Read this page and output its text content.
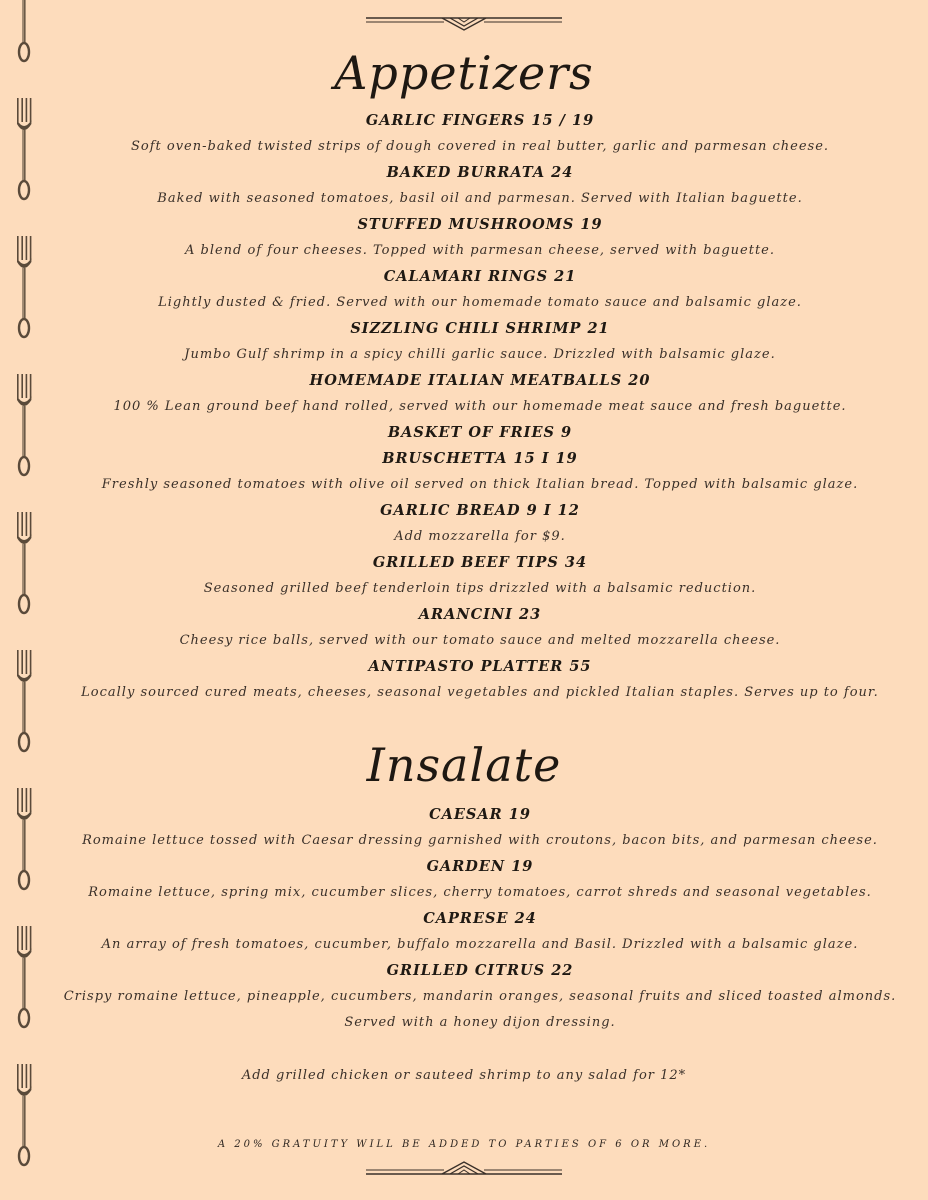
Appetizers
GARLIC FINGERS 15 / 19
Soft oven-baked twisted strips of dough covered in real butter, garlic and parmesan cheese.
BAKED BURRATA 24
Baked with seasoned tomatoes, basil oil and parmesan. Served with Italian baguette.
STUFFED MUSHROOMS 19
A blend of four cheeses. Topped with parmesan cheese, served with baguette.
CALAMARI RINGS 21
Lightly dusted & fried. Served with our homemade tomato sauce and balsamic glaze.
SIZZLING CHILI SHRIMP 21
Jumbo Gulf shrimp in a spicy chilli garlic sauce. Drizzled with balsamic glaze.
HOMEMADE ITALIAN MEATBALLS 20
100 % Lean ground beef hand rolled, served with our homemade meat sauce and fresh baguette.
BASKET OF FRIES 9
BRUSCHETTA 15 I 19
Freshly seasoned tomatoes with olive oil served on thick Italian bread. Topped with balsamic glaze.
GARLIC BREAD 9 I 12
Add mozzarella for $9.
GRILLED BEEF TIPS 34
Seasoned grilled beef tenderloin tips drizzled with a balsamic reduction.
ARANCINI 23
Cheesy rice balls, served with our tomato sauce and melted mozzarella cheese.
ANTIPASTO PLATTER 55
Locally sourced cured meats, cheeses, seasonal vegetables and pickled Italian staples. Serves up to four.
Insalate
CAESAR 19
Romaine lettuce tossed with Caesar dressing garnished with croutons, bacon bits, and parmesan cheese.
GARDEN 19
Romaine lettuce, spring mix, cucumber slices, cherry tomatoes, carrot shreds and seasonal vegetables.
CAPRESE 24
An array of fresh tomatoes, cucumber, buffalo mozzarella and Basil. Drizzled with a balsamic glaze.
GRILLED CITRUS 22
Crispy romaine lettuce, pineapple, cucumbers, mandarin oranges, seasonal fruits and sliced toasted almonds.
Served with a honey dijon dressing.
Add grilled chicken or sauteed shrimp to any salad for 12*
A 20% GRATUITY WILL BE ADDED TO PARTIES OF 6 OR MORE.
